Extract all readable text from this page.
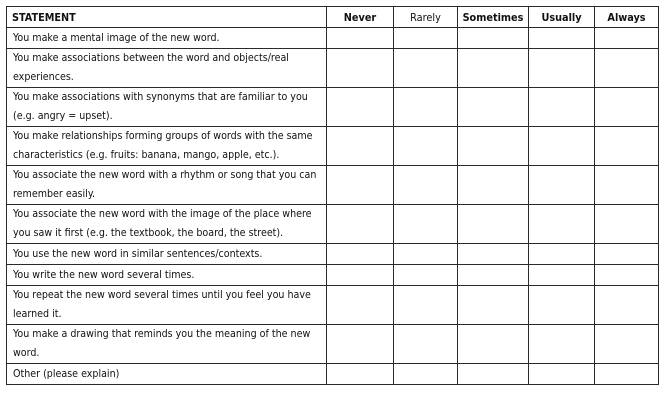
STATEMENT	Never	Rarely	Sometimes	Usually	Always
You make a mental image of the new word.					
You make associations between the word and objects/real experiences.					
You make associations with synonyms that are familiar to you (e.g. angry = upset).					
You make relationships forming groups of words with the same characteristics (e.g. fruits: banana, mango, apple, etc.).					
You associate the new word with a rhythm or song that you can remember easily.					
You associate the new word with the image of the place where you saw it first (e.g. the textbook, the board, the street).					
You use the new word in similar sentences/contexts.					
You write the new word several times.					
You repeat the new word several times until you feel you have learned it.					
You make a drawing that reminds you the meaning of the new word.					
Other (please explain)					
